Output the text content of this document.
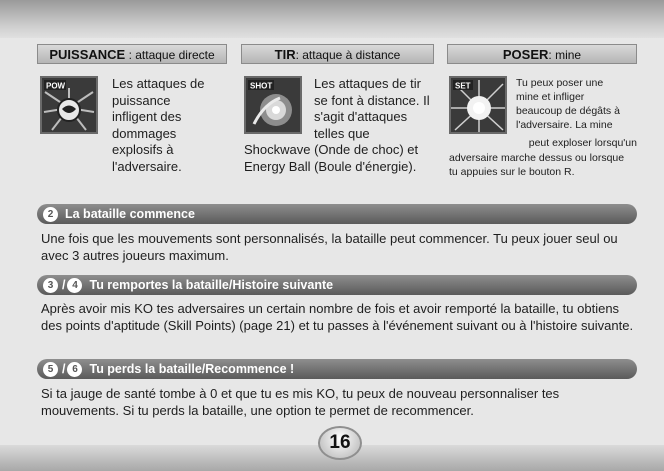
PUISSANCE : attaque directe
POW	Les attaques de
puissance
infligent des
dommages
explosifs à
l'adversaire.
TIR: attaque à distance
SHOT	Les attaques de tir
se font à distance. Il
s'agit d'attaques
telles que
Shockwave (Onde de choc) et
Energy Ball (Boule d'énergie).
POSER: mine
SET	Tu peux poser une
mine et infliger
beaucoup de dégâts à
l'adversaire. La mine
peut exploser lorsqu'un
adversaire marche dessus ou lorsque
tu appuies sur le bouton R.
2 La bataille commence
Une fois que les mouvements sont personnalisés, la bataille peut commencer. Tu peux jouer seul ou avec 3 autres joueurs maximum.
3 / 4 Tu remportes la bataille/Histoire suivante
Après avoir mis KO tes adversaires un certain nombre de fois et avoir remporté la bataille, tu obtiens des points d'aptitude (Skill Points) (page 21) et tu passes à l'événement suivant ou à l'histoire suivante.
5 / 6 Tu perds la bataille/Recommence !
Si ta jauge de santé tombe à 0 et que tu es mis KO, tu peux de nouveau personnaliser tes mouvements. Si tu perds la bataille, une option te permet de recommencer.
16
